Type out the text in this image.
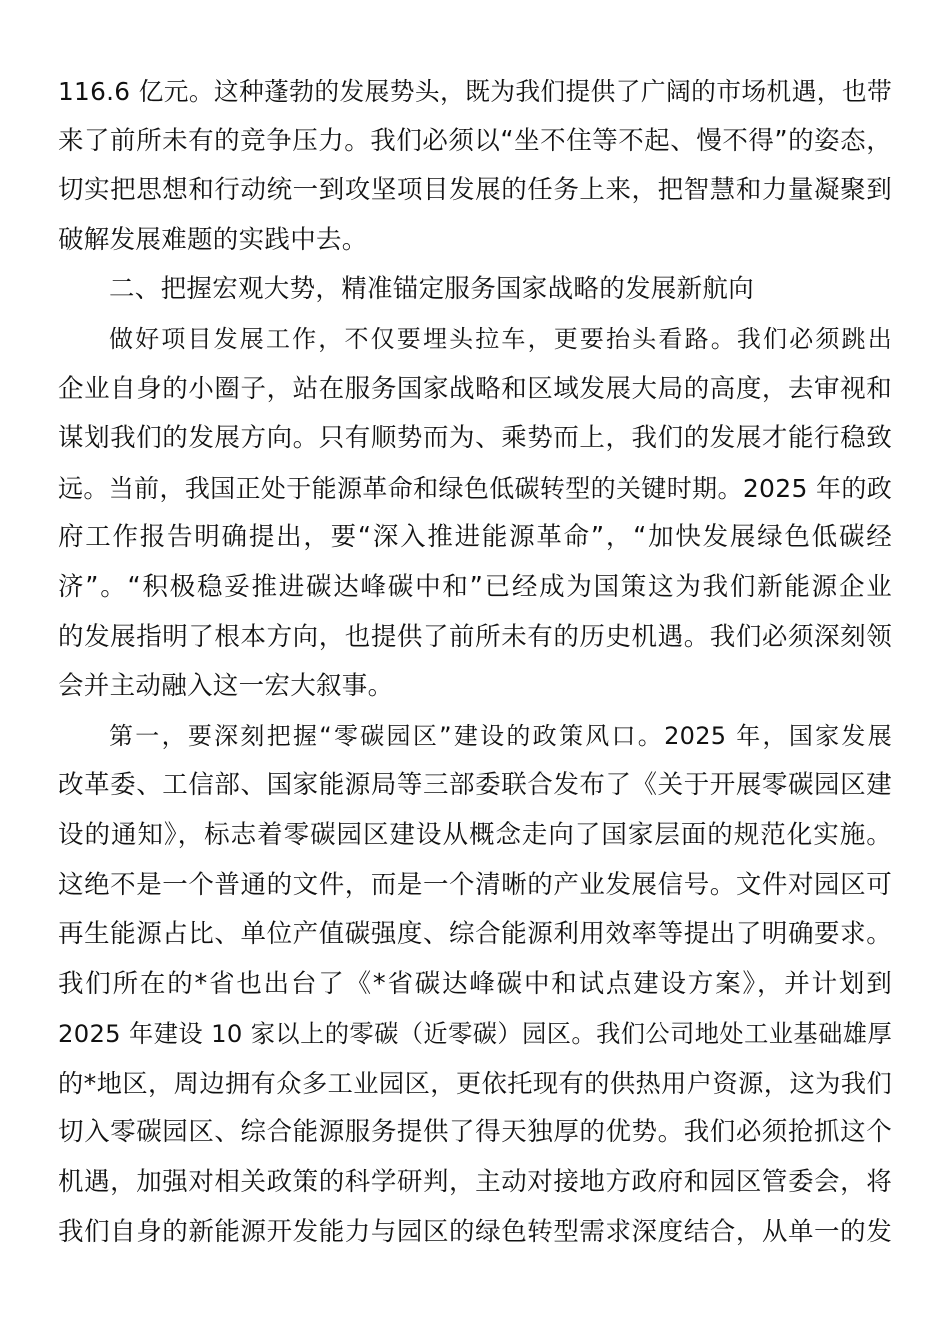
116.6 亿元。这种蓬勃的发展势头，既为我们提供了广阔的市场机遇，也带
来了前所未有的竞争压力。我们必须以“坐不住等不起、慢不得”的姿态，
切实把思想和行动统一到攻坚项目发展的任务上来，把智慧和力量凝聚到
破解发展难题的实践中去。
二、把握宏观大势，精准锚定服务国家战略的发展新航向
做好项目发展工作，不仅要埋头拉车，更要抬头看路。我们必须跳出
企业自身的小圈子，站在服务国家战略和区域发展大局的高度，去审视和
谋划我们的发展方向。只有顺势而为、乘势而上，我们的发展才能行稳致
远。当前，我国正处于能源革命和绿色低碳转型的关键时期。2025 年的政
府工作报告明确提出，要“深入推进能源革命”，“加快发展绿色低碳经
济”。“积极稳妥推进碳达峰碳中和”已经成为国策这为我们新能源企业
的发展指明了根本方向，也提供了前所未有的历史机遇。我们必须深刻领
会并主动融入这一宏大叙事。
第一，要深刻把握“零碳园区”建设的政策风口。2025 年，国家发展
改革委、工信部、国家能源局等三部委联合发布了《关于开展零碳园区建
设的通知》，标志着零碳园区建设从概念走向了国家层面的规范化实施。
这绝不是一个普通的文件，而是一个清晰的产业发展信号。文件对园区可
再生能源占比、单位产值碳强度、综合能源利用效率等提出了明确要求。
我们所在的*省也出台了《*省碳达峰碳中和试点建设方案》，并计划到
2025 年建设 10 家以上的零碳（近零碳）园区。我们公司地处工业基础雄厚
的*地区，周边拥有众多工业园区，更依托现有的供热用户资源，这为我们
切入零碳园区、综合能源服务提供了得天独厚的优势。我们必须抢抓这个
机遇，加强对相关政策的科学研判，主动对接地方政府和园区管委会，将
我们自身的新能源开发能力与园区的绿色转型需求深度结合，从单一的发
